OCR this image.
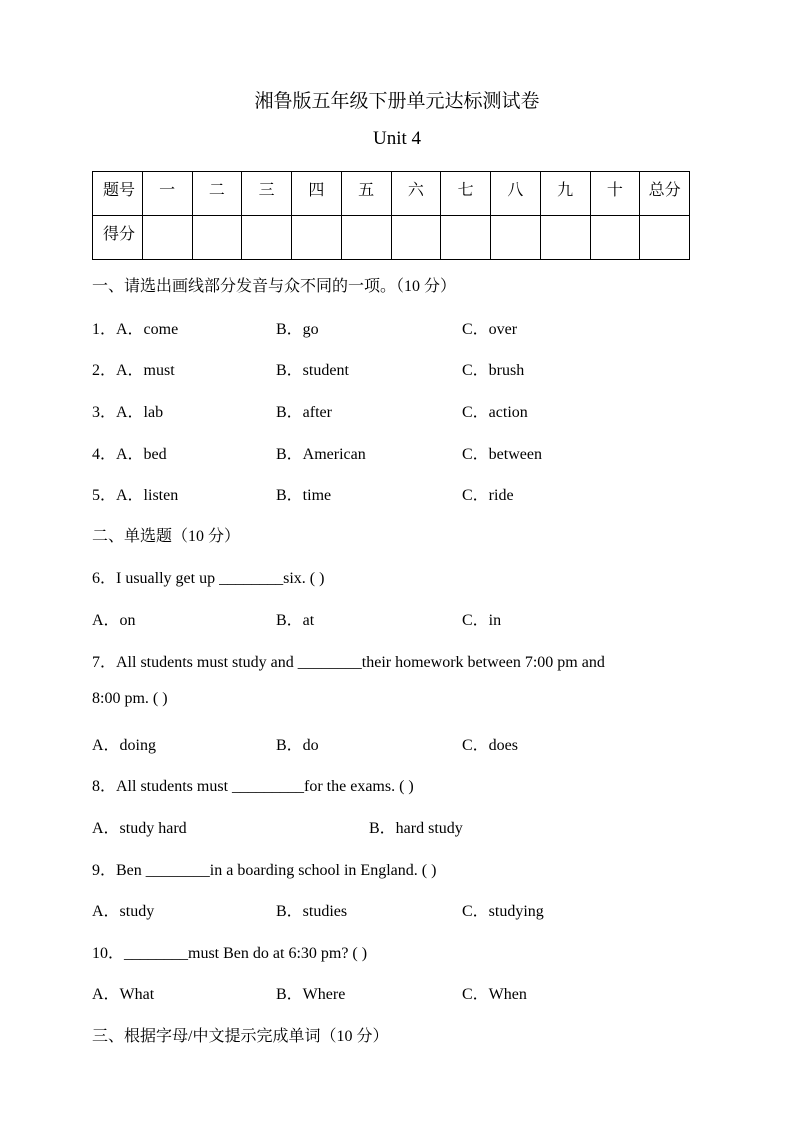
湘鲁版五年级下册单元达标测试卷
Unit 4
题号	一	二	三	四	五	六	七	八	九	十	总分
得分											
一、请选出画线部分发音与众不同的一项。（10 分）
1．A．come	B．go	C．over
2．A．must	B．student	C．brush
3．A．lab	B．after	C．action
4．A．bed	B．American	C．between
5．A．listen	B．time	C．ride
二、单选题（10 分）
6．I usually get up ________six. ( )
A．on	B．at	C．in
7．All students must study and ________their homework between 7:00 pm and
8:00 pm. ( )
A．doing	B．do	C．does
8．All students must _________for the exams. ( )
A．study hard	B．hard study
9．Ben ________in a boarding school in England. ( )
A．study	B．studies	C．studying
10．________must Ben do at 6:30 pm? ( )
A．What	B．Where	C．When
三、根据字母/中文提示完成单词（10 分）
